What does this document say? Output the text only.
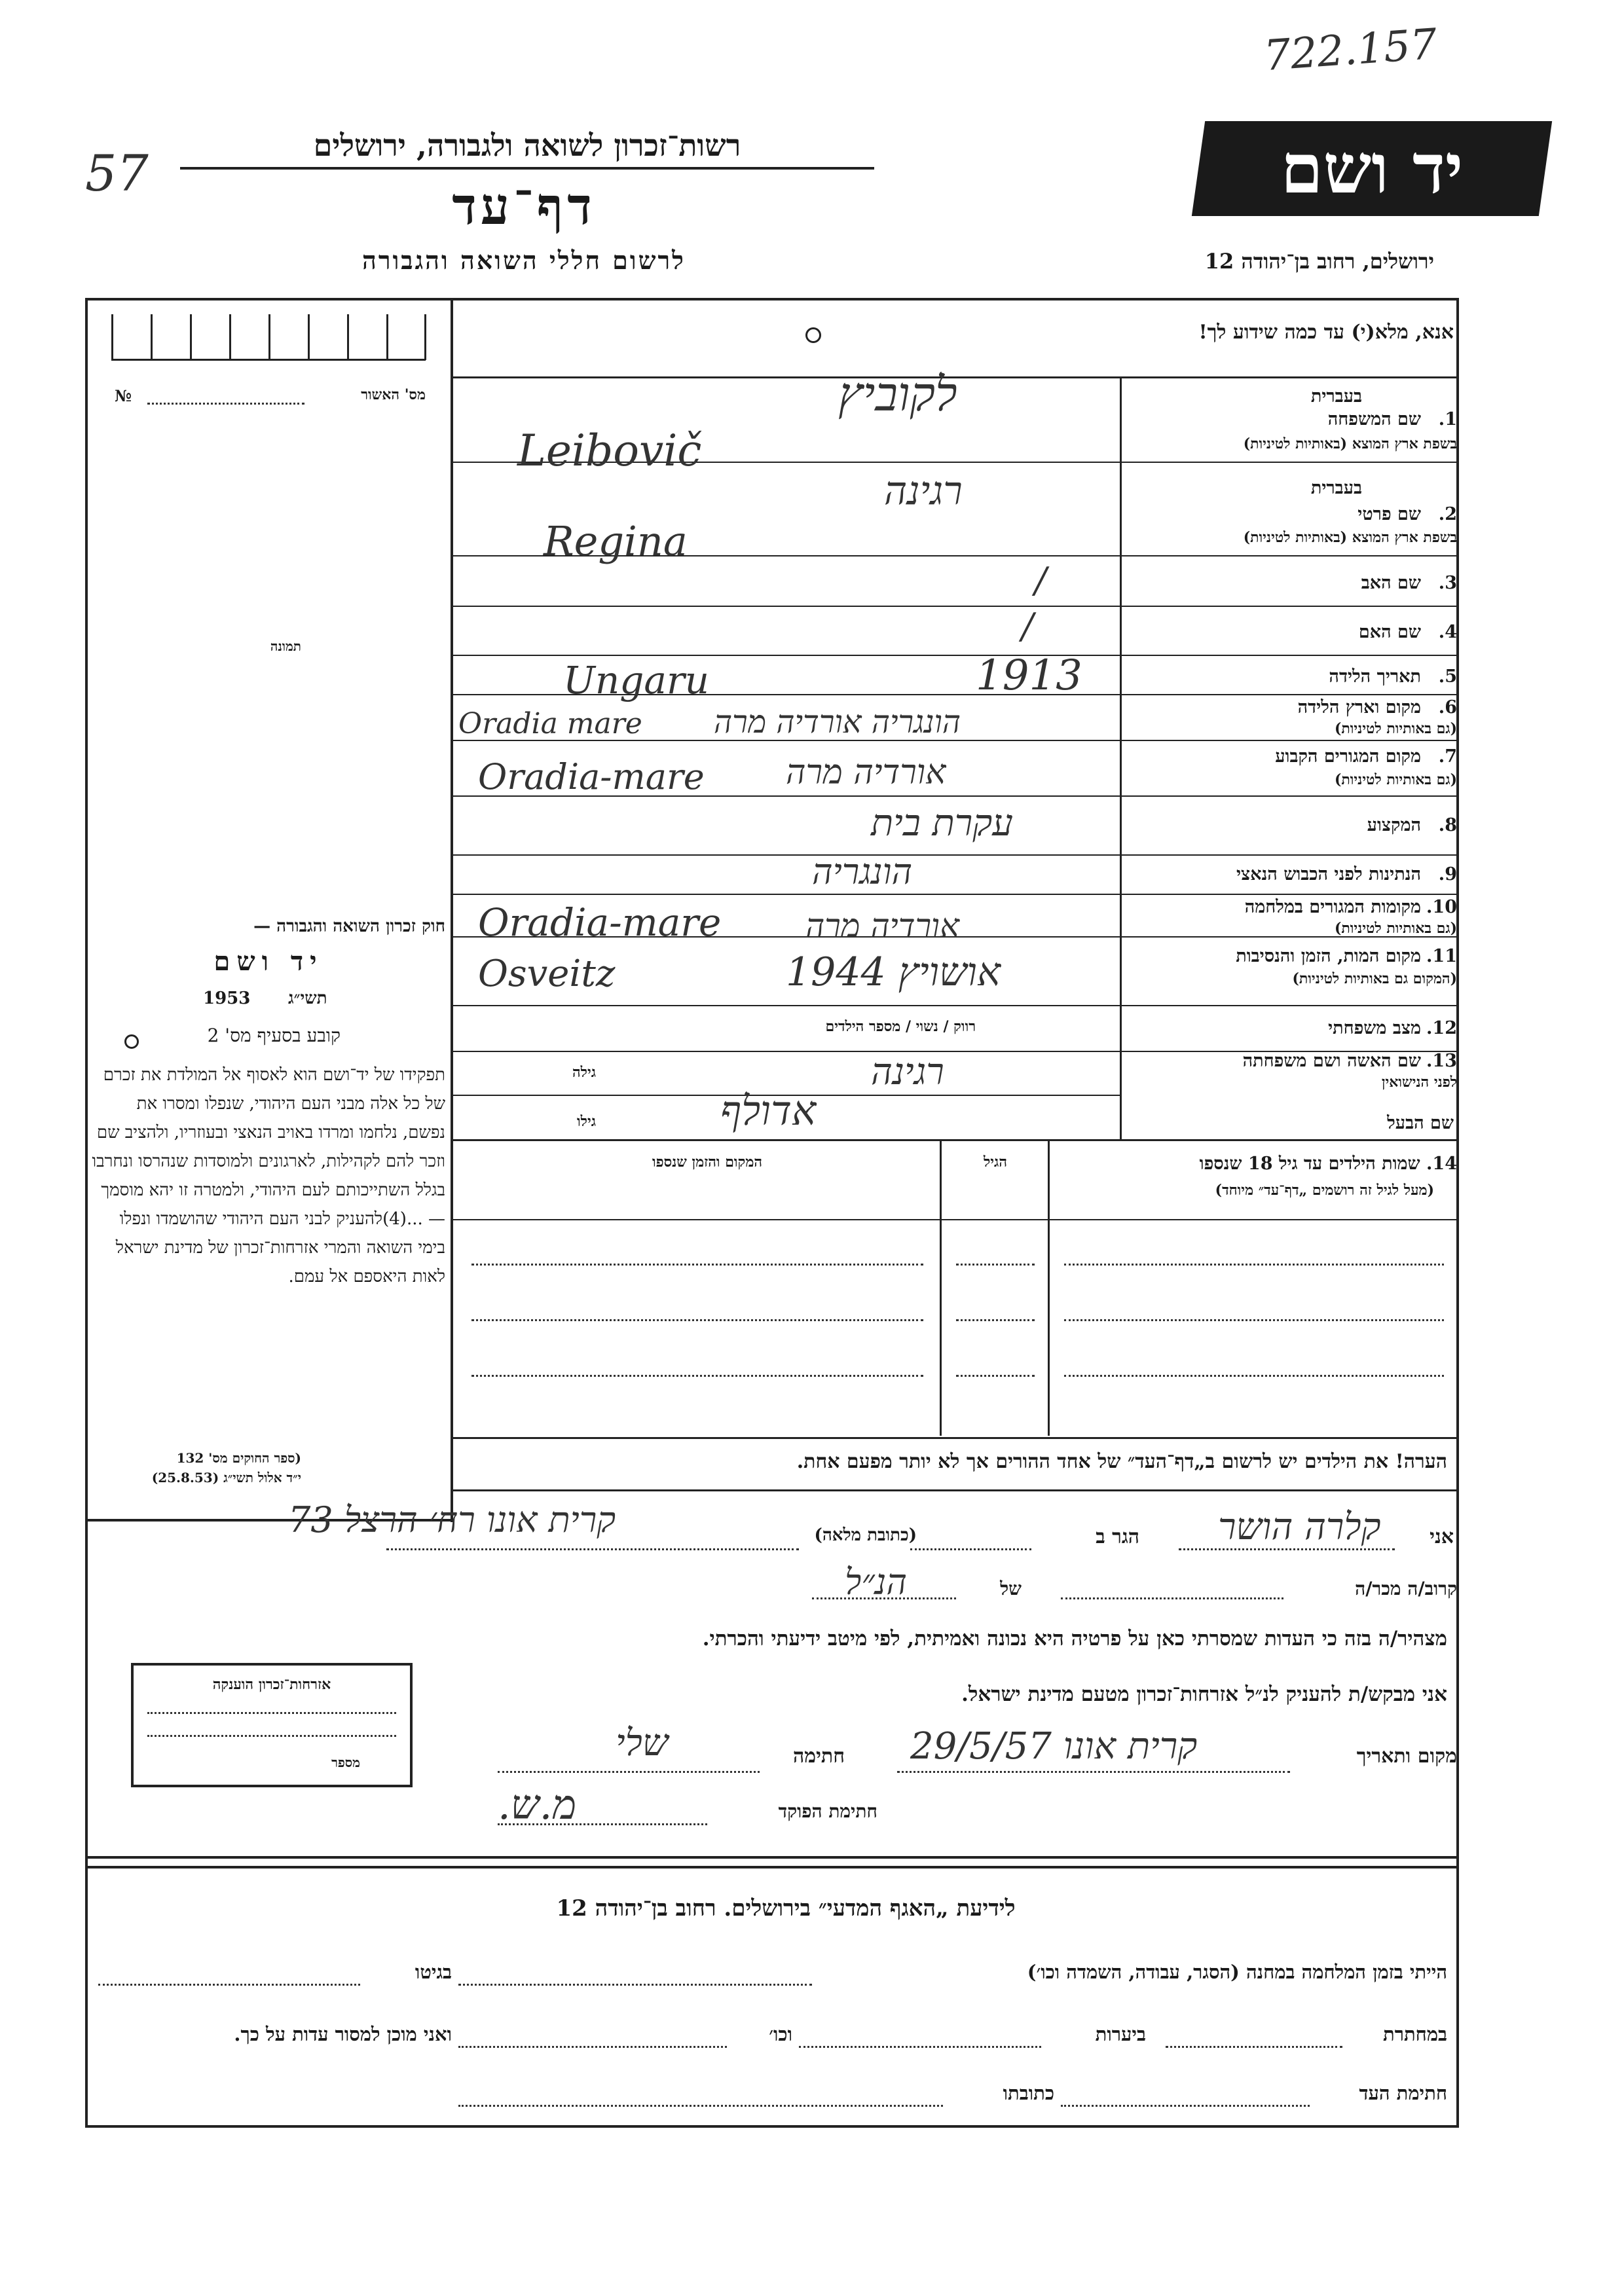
722.157
57	רשות־זכרון לשואה ולגבורה, ירושלים
דף־עד
לרשום חללי השואה והגבורה
יד ושם
ירושלים, רחוב בן־יהודה 12
מס' האשור
№
תמונה
חוק זכרון השואה והגבורה —
יד ושם
1953 תשי״ג
קובע בסעיף מס' 2
תפקידו של יד־ושם הוא לאסוף אל המולדת את זכרם של כל אלה מבני העם היהודי, שנפלו ומסרו את נפשם, נלחמו ומרדו באויב הנאצי ובעוזריו, ולהציב שם וזכר להם לקהילות, לארגונים ולמוסדות שנהרסו ונחרבו בגלל השתייכותם לעם היהודי, ולמטרה זו יהא מוסמך — ...(4)להעניק לבני העם היהודי שהושמדו ונפלו בימי השואה והמרי אזרחות־זכרון של מדינת ישראל לאות היאספם אל עמם.
(ספר החוקים מס' 132
י״ד אלול תשי״ג (25.8.53)
אזרחות־זכרון הוענקה
מספר
אנא, מלא(י) עד כמה שידוע לך!
בעברית
1.
שם המשפחה
בשפת ארץ המוצא (באותיות לטיניות)
לקוביץ
Leibovič
בעברית
2.
שם פרטי
בשפת ארץ המוצא (באותיות לטיניות)
רגינה
Regina
3.
שם האב
/
4.
שם האם
/
5.
תאריך הלידה
1913
Ungaru
6.
מקום וארץ הלידה
(גם באותיות לטיניות)
Oradia mare הונגריה אורדיה מרה
7.
מקום המגורים הקבוע
(גם באותיות לטיניות)
Oradia-mare אורדיה מרה
8.
המקצוע
עקרת בית
9.
הנתינות לפני הכבוש הנאצי
הונגריה
10.
מקומות המגורים במלחמה
(גם באותיות לטיניות)
Oradia-mare	אורדיה מרה
11.
מקום המות, הזמן והנסיבות
(המקום גם באותיות לטיניות)
Osveitz	אושויץ 1944
12.
מצב משפחתי
רווק / נשוי / מספר הילדים
13.
שם האשה ושם משפחתה
לפני הנישואין
גילה	רגינה
שם הבעל
גילו	אדולף
14. שמות הילדים עד גיל 18 שנספו
(מעל לגיל זה רושמים „דף־עד״ מיוחד)
הגיל
המקום והזמן שנספו
הערה! את הילדים יש לרשום ב„דף־העד״ של אחד ההורים אך לא יותר מפעם אחת.
אני
קלרה הושר
הגר ב
(כתובת מלאה)
קרית אונו רח׳ הרצל 73
קרוב/ה מכר/ה
של
הנ״ל
מצהיר/ה בזה כי העדות שמסרתי כאן על פרטיה היא נכונה ואמיתית, לפי מיטב ידיעתי והכרתי.
אני מבקש/ת להעניק לנ״ל אזרחות־זכרון מטעם מדינת ישראל.
מקום ותאריך
קרית אונו 29/5/57
חתימה
שלי
חתימת הפוקד
מ.ש.
לידיעת „האגף המדעי״ בירושלים. רחוב בן־יהודה 12
הייתי בזמן המלחמה במחנה (הסגר, עבודה, השמדה וכו׳)
בגיטו
במחתרת
ביערות
וכו׳
ואני מוכן למסור עדות על כך.
חתימת העד
כתובתו
